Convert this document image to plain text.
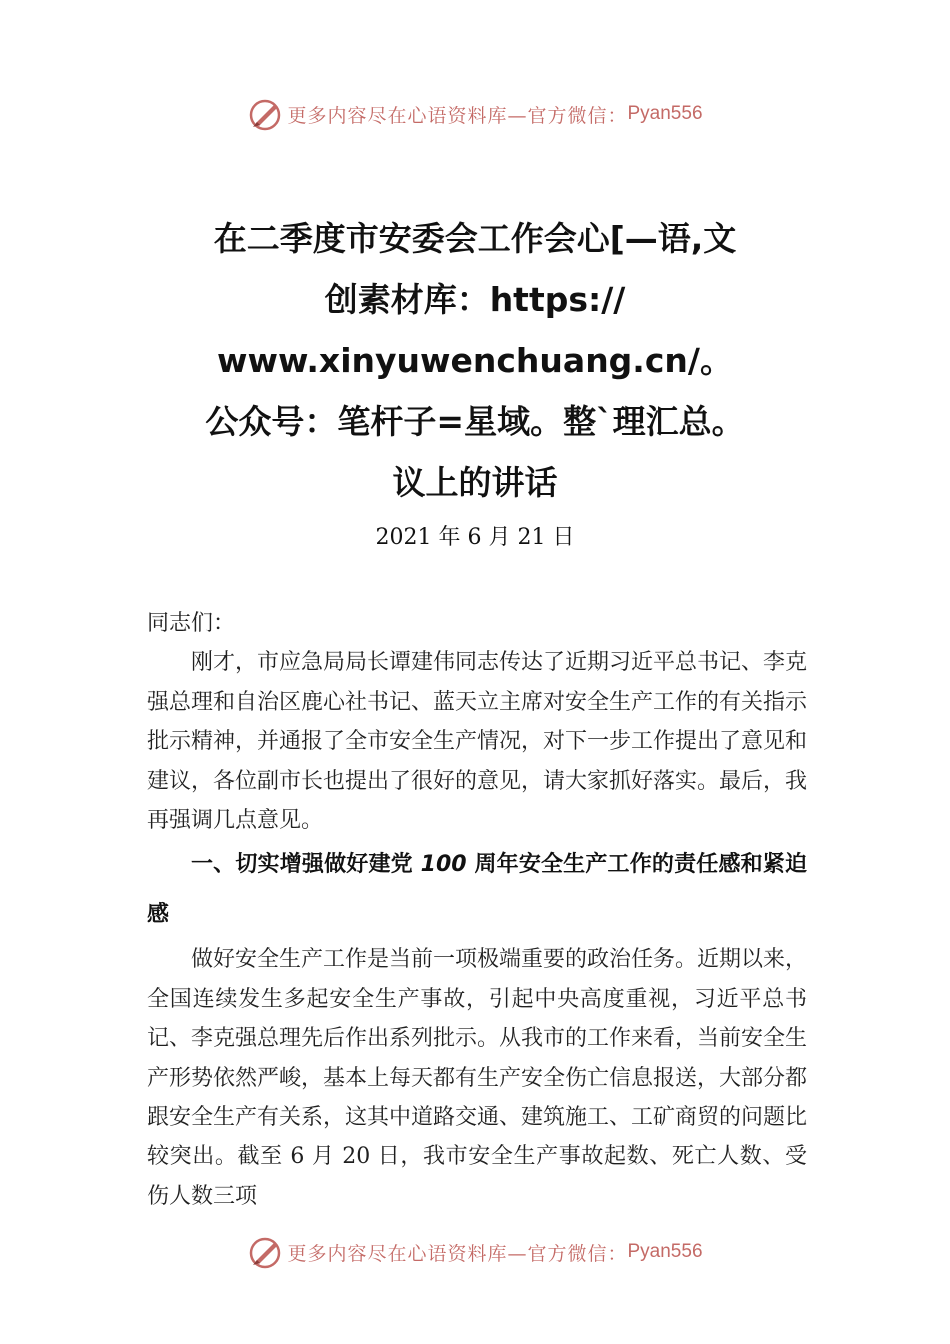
更多内容尽在心语资料库—官方微信： Pyan556
在二季度市安委会工作会心[—语,文
创素材库：https://
www.xinyuwenchuang.cn/。
公众号：笔杆子=星域。整`理汇总。
议上的讲话
2021 年 6 月 21 日

同志们：

刚才，市应急局局长谭建伟同志传达了近期习近平总书记、李克强总理和自治区鹿心社书记、蓝天立主席对安全生产工作的有关指示批示精神，并通报了全市安全生产情况，对下一步工作提出了意见和建议，各位副市长也提出了很好的意见，请大家抓好落实。最后，我再强调几点意见。

一、切实增强做好建党 100 周年安全生产工作的责任感和紧迫感

做好安全生产工作是当前一项极端重要的政治任务。近期以来，全国连续发生多起安全生产事故，引起中央高度重视，习近平总书记、李克强总理先后作出系列批示。从我市的工作来看，当前安全生产形势依然严峻，基本上每天都有生产安全伤亡信息报送，大部分都跟安全生产有关系，这其中道路交通、建筑施工、工矿商贸的问题比较突出。截至 6 月 20 日，我市安全生产事故起数、死亡人数、受伤人数三项

更多内容尽在心语资料库—官方微信： Pyan556
